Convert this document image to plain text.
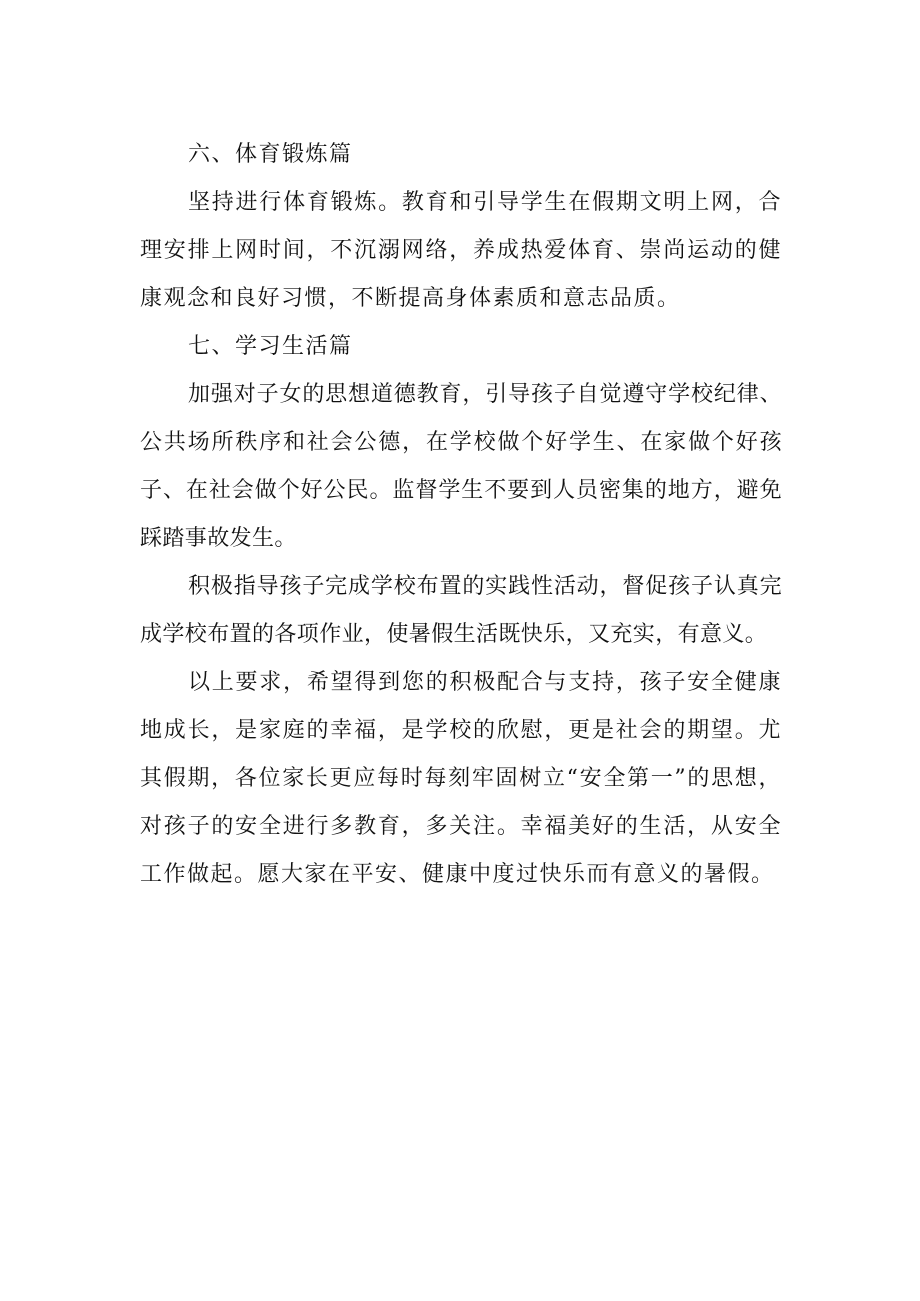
六、体育锻炼篇

坚持进行体育锻炼。教育和引导学生在假期文明上网，合理安排上网时间，不沉溺网络，养成热爱体育、崇尚运动的健康观念和良好习惯，不断提高身体素质和意志品质。

七、学习生活篇

加强对子女的思想道德教育，引导孩子自觉遵守学校纪律、公共场所秩序和社会公德，在学校做个好学生、在家做个好孩子、在社会做个好公民。监督学生不要到人员密集的地方，避免踩踏事故发生。

积极指导孩子完成学校布置的实践性活动，督促孩子认真完成学校布置的各项作业，使暑假生活既快乐，又充实，有意义。

以上要求，希望得到您的积极配合与支持，孩子安全健康地成长，是家庭的幸福，是学校的欣慰，更是社会的期望。尤其假期，各位家长更应每时每刻牢固树立“安全第一”的思想，对孩子的安全进行多教育，多关注。幸福美好的生活，从安全工作做起。愿大家在平安、健康中度过快乐而有意义的暑假。
